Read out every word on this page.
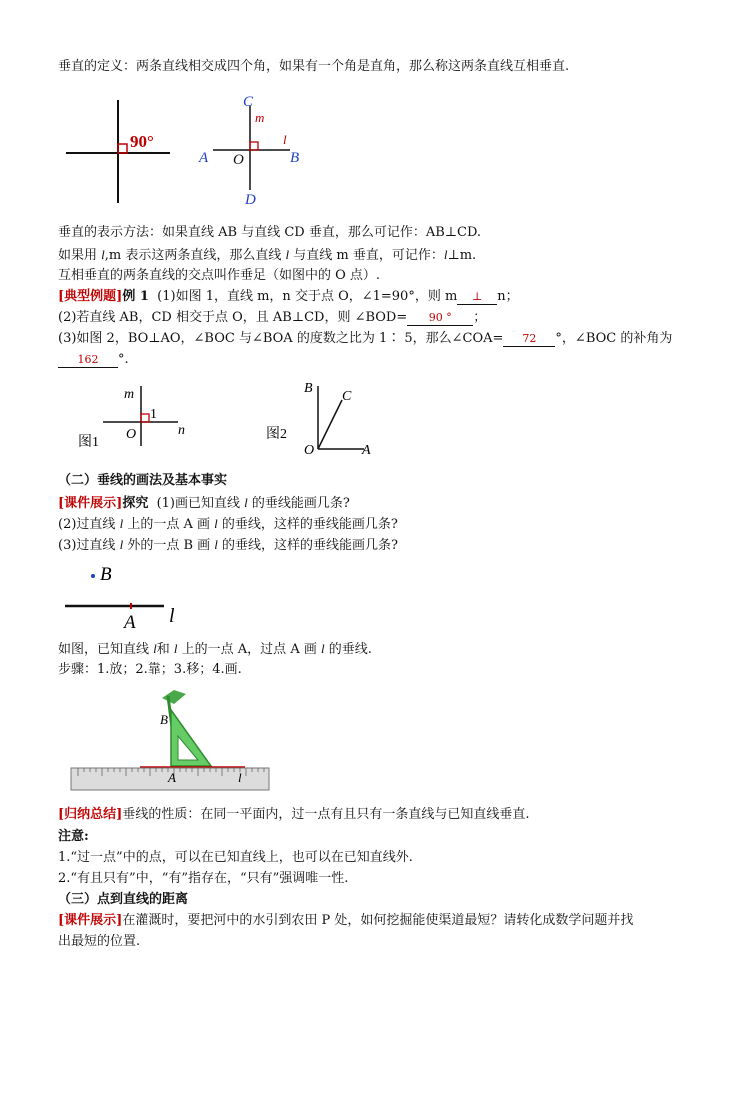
垂直的定义：两条直线相交成四个角，如果有一个角是直角，那么称这两条直线互相垂直.
90°
C
m
l
A O	B
D
垂直的表示方法：如果直线 AB 与直线 CD 垂直，那么可记作：AB⊥CD.
如果用 l,m 表示这两条直线，那么直线 l 与直线 m 垂直，可记作：l⊥m.
互相垂直的两条直线的交点叫作垂足（如图中的 O 点）.
[典型例题]例 1 (1)如图 1，直线 m，n 交于点 O，∠1=90°，则 m ⊥ n；
(2)若直线 AB，CD 相交于点 O，且 AB⊥CD，则 ∠BOD= 90 ° ；
(3)如图 2，BO⊥AO，∠BOC 与∠BOA 的度数之比为 1∶ 5，那么∠COA= 72 °，∠BOC 的补角为
162 °.
m
1
O	n
图1
B
C
O	A
图2
（二）垂线的画法及基本事实
[课件展示]探究 (1)画已知直线 l 的垂线能画几条?
(2)过直线 l 上的一点 A 画 l 的垂线，这样的垂线能画几条?
(3)过直线 l 外的一点 B 画 l 的垂线，这样的垂线能画几条?
B
A l
如图，已知直线 l和 l 上的一点 A，过点 A 画 l 的垂线.
步骤：1.放；2.靠；3.移；4.画.
B
A	l
[归纳总结]垂线的性质：在同一平面内，过一点有且只有一条直线与已知直线垂直.
注意:
1.“过一点”中的点，可以在已知直线上，也可以在已知直线外.
2.“有且只有”中，“有”指存在，“只有”强调唯一性.
（三）点到直线的距离
[课件展示]在灌溉时，要把河中的水引到农田 P 处，如何挖掘能使渠道最短？请转化成数学问题并找
出最短的位置.
